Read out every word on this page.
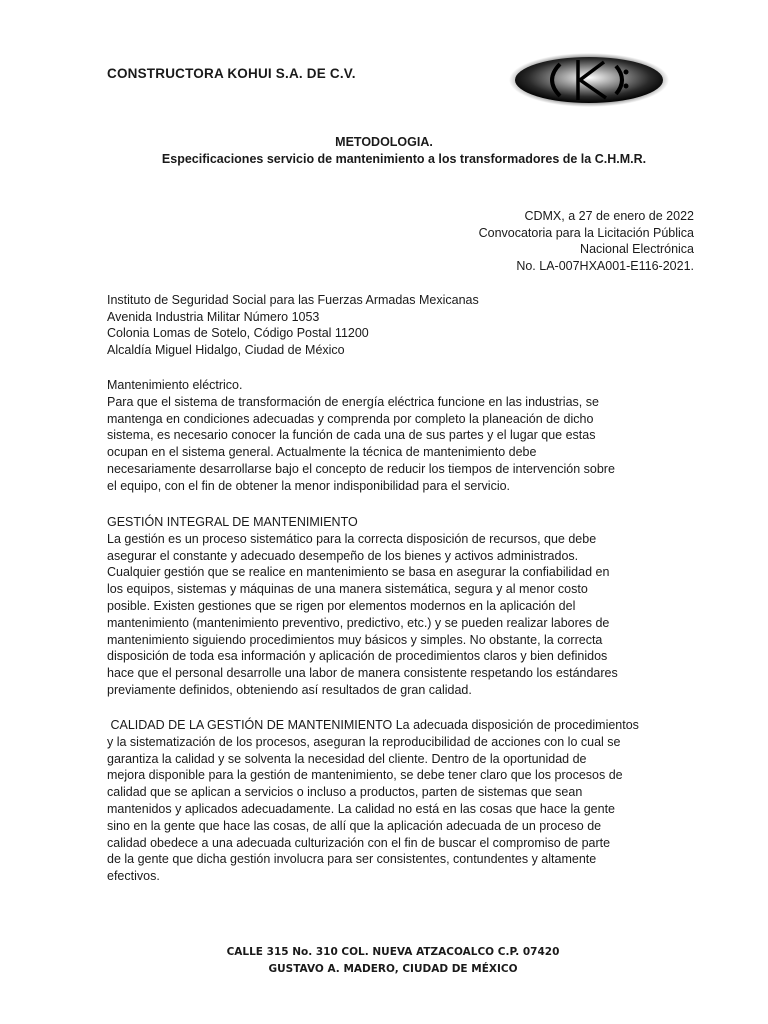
CONSTRUCTORA KOHUI S.A. DE C.V.
METODOLOGIA.
Especificaciones servicio de mantenimiento a los transformadores de la C.H.M.R.
CDMX, a 27 de enero de 2022
Convocatoria para la Licitación Pública
Nacional Electrónica
No. LA-007HXA001-E116-2021.
Instituto de Seguridad Social para las Fuerzas Armadas Mexicanas
Avenida Industria Militar Número 1053
Colonia Lomas de Sotelo, Código Postal 11200
Alcaldía Miguel Hidalgo, Ciudad de México
Mantenimiento eléctrico.
Para que el sistema de transformación de energía eléctrica funcione en las industrias, se
mantenga en condiciones adecuadas y comprenda por completo la planeación de dicho
sistema, es necesario conocer la función de cada una de sus partes y el lugar que estas
ocupan en el sistema general. Actualmente la técnica de mantenimiento debe
necesariamente desarrollarse bajo el concepto de reducir los tiempos de intervención sobre
el equipo, con el fin de obtener la menor indisponibilidad para el servicio.
GESTIÓN INTEGRAL DE MANTENIMIENTO
La gestión es un proceso sistemático para la correcta disposición de recursos, que debe
asegurar el constante y adecuado desempeño de los bienes y activos administrados.
Cualquier gestión que se realice en mantenimiento se basa en asegurar la confiabilidad en
los equipos, sistemas y máquinas de una manera sistemática, segura y al menor costo
posible. Existen gestiones que se rigen por elementos modernos en la aplicación del
mantenimiento (mantenimiento preventivo, predictivo, etc.) y se pueden realizar labores de
mantenimiento siguiendo procedimientos muy básicos y simples. No obstante, la correcta
disposición de toda esa información y aplicación de procedimientos claros y bien definidos
hace que el personal desarrolle una labor de manera consistente respetando los estándares
previamente definidos, obteniendo así resultados de gran calidad.
CALIDAD DE LA GESTIÓN DE MANTENIMIENTO La adecuada disposición de procedimientos
y la sistematización de los procesos, aseguran la reproducibilidad de acciones con lo cual se
garantiza la calidad y se solventa la necesidad del cliente. Dentro de la oportunidad de
mejora disponible para la gestión de mantenimiento, se debe tener claro que los procesos de
calidad que se aplican a servicios o incluso a productos, parten de sistemas que sean
mantenidos y aplicados adecuadamente. La calidad no está en las cosas que hace la gente
sino en la gente que hace las cosas, de allí que la aplicación adecuada de un proceso de
calidad obedece a una adecuada culturización con el fin de buscar el compromiso de parte
de la gente que dicha gestión involucra para ser consistentes, contundentes y altamente
efectivos.
CALLE 315 No. 310 COL. NUEVA ATZACOALCO C.P. 07420
GUSTAVO A. MADERO, CIUDAD DE MÉXICO
